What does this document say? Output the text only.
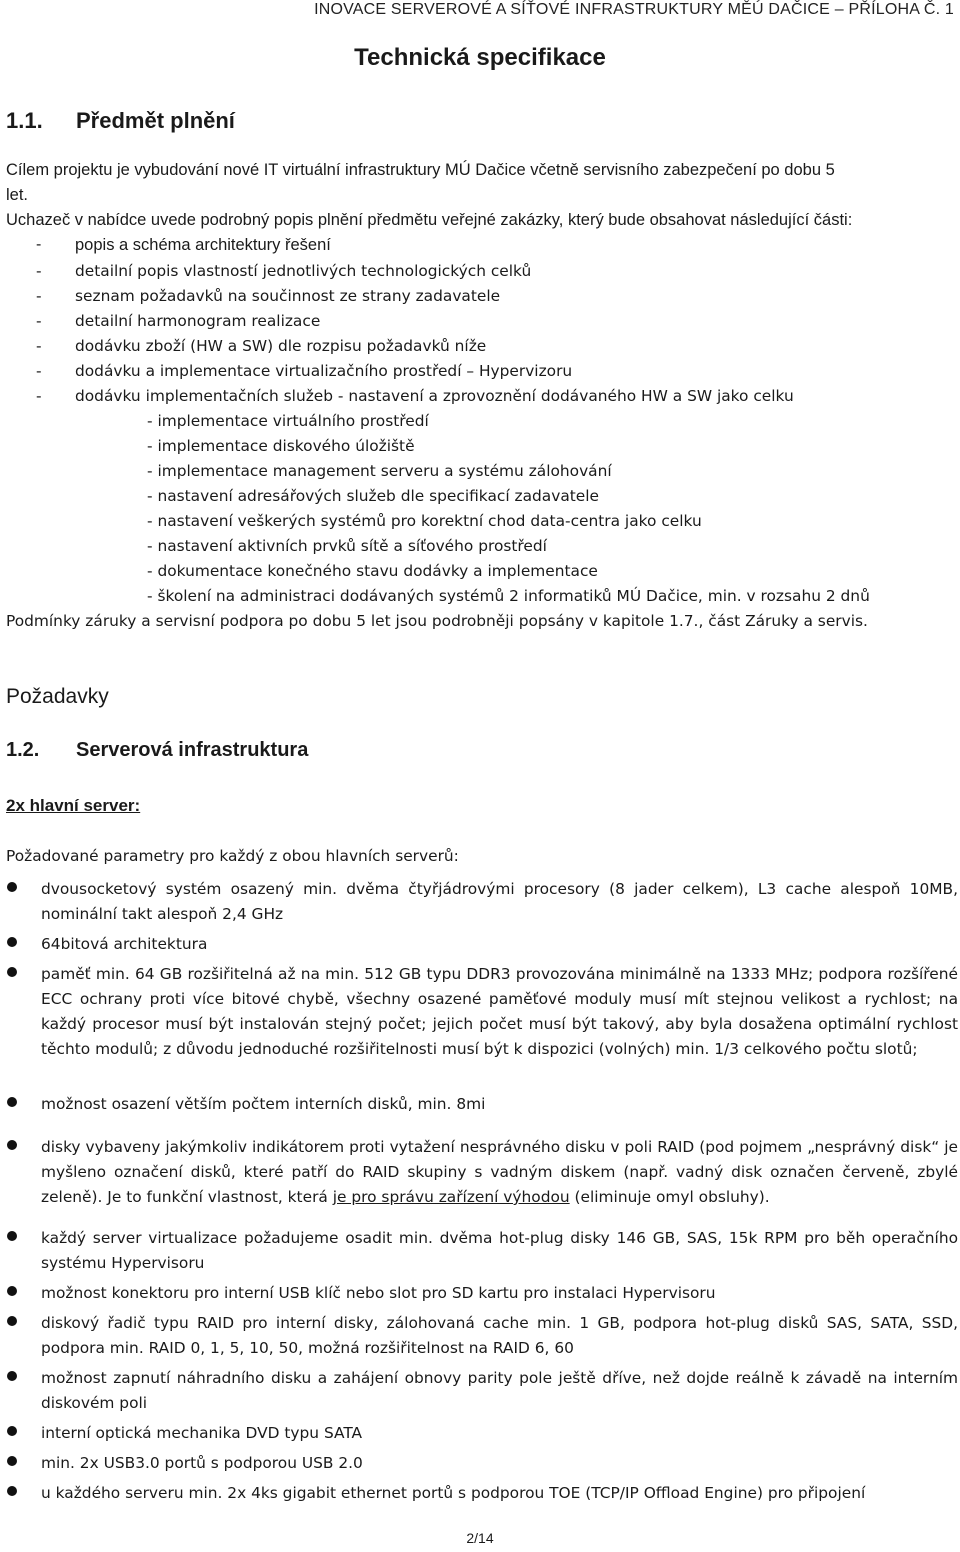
INOVACE SERVEROVÉ A SÍŤOVÉ INFRASTRUKTURY MĚÚ DAČICE – PŘÍLOHA Č. 1
Technická specifikace
1.1. Předmět plnění
Cílem projektu je vybudování nové IT virtuální infrastruktury MÚ Dačice včetně servisního zabezpečení po dobu 5
let.
Uchazeč v nabídce uvede podrobný popis plnění předmětu veřejné zakázky, který bude obsahovat následující části:
- popis a schéma architektury řešení
- detailní popis vlastností jednotlivých technologických celků
- seznam požadavků na součinnost ze strany zadavatele
- detailní harmonogram realizace
- dodávku zboží (HW a SW) dle rozpisu požadavků níže
- dodávku a implementace virtualizačního prostředí – Hypervizoru
- dodávku implementačních služeb - nastavení a zprovoznění dodávaného HW a SW jako celku
- implementace virtuálního prostředí
- implementace diskového úložiště
- implementace management serveru a systému zálohování
- nastavení adresářových služeb dle specifikací zadavatele
- nastavení veškerých systémů pro korektní chod data-centra jako celku
- nastavení aktivních prvků sítě a síťového prostředí
- dokumentace konečného stavu dodávky a implementace
- školení na administraci dodávaných systémů 2 informatiků MÚ Dačice, min. v rozsahu 2 dnů
Podmínky záruky a servisní podpora po dobu 5 let jsou podrobněji popsány v kapitole 1.7., část Záruky a servis.
Požadavky
1.2. Serverová infrastruktura
2x hlavní server:
Požadované parametry pro každý z obou hlavních serverů:
dvousocketový systém osazený min. dvěma čtyřjádrovými procesory (8 jader celkem), L3 cache alespoň 10MB, nominální takt alespoň 2,4 GHz
64bitová architektura
paměť min. 64 GB rozšiřitelná až na min. 512 GB typu DDR3 provozována minimálně na 1333 MHz; podpora rozšířené ECC ochrany proti více bitové chybě, všechny osazené paměťové moduly musí mít stejnou velikost a rychlost; na každý procesor musí být instalován stejný počet; jejich počet musí být takový, aby byla dosažena optimální rychlost těchto modulů; z důvodu jednoduché rozšiřitelnosti musí být k dispozici (volných) min. 1/3 celkového počtu slotů;
možnost osazení větším počtem interních disků, min. 8mi
disky vybaveny jakýmkoliv indikátorem proti vytažení nesprávného disku v poli RAID (pod pojmem „nesprávný disk“ je myšleno označení disků, které patří do RAID skupiny s vadným diskem (např. vadný disk označen červeně, zbylé zeleně). Je to funkční vlastnost, která je pro správu zařízení výhodou (eliminuje omyl obsluhy).
každý server virtualizace požadujeme osadit min. dvěma hot-plug disky 146 GB, SAS, 15k RPM pro běh operačního systému Hypervisoru
možnost konektoru pro interní USB klíč nebo slot pro SD kartu pro instalaci Hypervisoru
diskový řadič typu RAID pro interní disky, zálohovaná cache min. 1 GB, podpora hot-plug disků SAS, SATA, SSD, podpora min. RAID 0, 1, 5, 10, 50, možná rozšiřitelnost na RAID 6, 60
možnost zapnutí náhradního disku a zahájení obnovy parity pole ještě dříve, než dojde reálně k závadě na interním diskovém poli
interní optická mechanika DVD typu SATA
min. 2x USB3.0 portů s podporou USB 2.0
u každého serveru min. 2x 4ks gigabit ethernet portů s podporou TOE (TCP/IP Offload Engine) pro připojení
2/14
